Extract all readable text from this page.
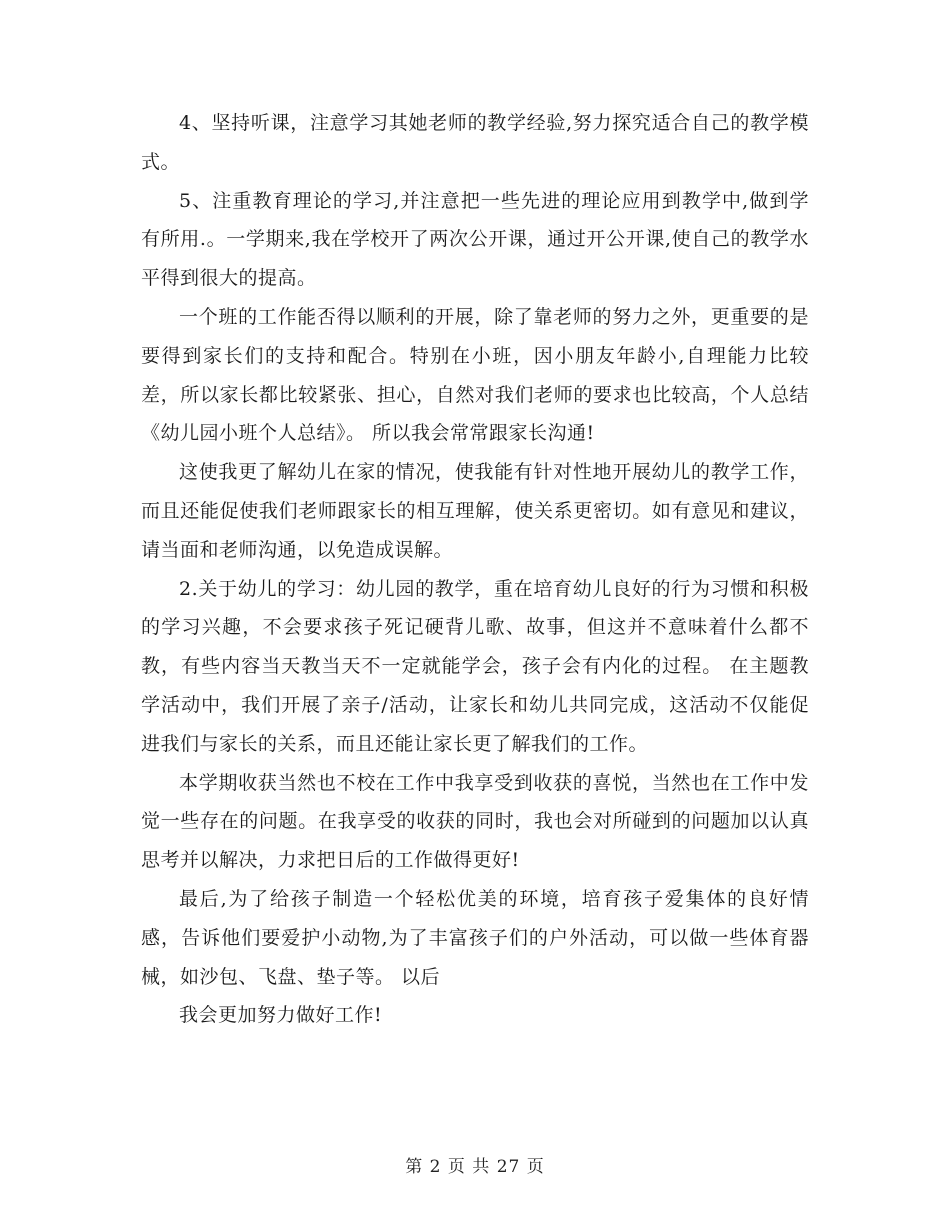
4、坚持听课，注意学习其她老师的教学经验,努力探究适合自己的教学模式。

5、注重教育理论的学习,并注意把一些先进的理论应用到教学中,做到学有所用.。一学期来,我在学校开了两次公开课，通过开公开课,使自己的教学水平得到很大的提高。

一个班的工作能否得以顺利的开展，除了靠老师的努力之外，更重要的是要得到家长们的支持和配合。特别在小班，因小朋友年龄小,自理能力比较差，所以家长都比较紧张、担心，自然对我们老师的要求也比较高，个人总结《幼儿园小班个人总结》。 所以我会常常跟家长沟通!

这使我更了解幼儿在家的情况，使我能有针对性地开展幼儿的教学工作，而且还能促使我们老师跟家长的相互理解，使关系更密切。如有意见和建议，请当面和老师沟通，以免造成误解。

2.关于幼儿的学习：幼儿园的教学，重在培育幼儿良好的行为习惯和积极的学习兴趣，不会要求孩子死记硬背儿歌、故事，但这并不意味着什么都不教，有些内容当天教当天不一定就能学会，孩子会有内化的过程。 在主题教学活动中，我们开展了亲子/活动，让家长和幼儿共同完成，这活动不仅能促进我们与家长的关系，而且还能让家长更了解我们的工作。

本学期收获当然也不校在工作中我享受到收获的喜悦，当然也在工作中发觉一些存在的问题。在我享受的收获的同时，我也会对所碰到的问题加以认真思考并以解决，力求把日后的工作做得更好!

最后,为了给孩子制造一个轻松优美的环境，培育孩子爱集体的良好情感，告诉他们要爱护小动物,为了丰富孩子们的户外活动，可以做一些体育器械，如沙包、飞盘、垫子等。 以后

我会更加努力做好工作!

第 2 页 共 27 页
